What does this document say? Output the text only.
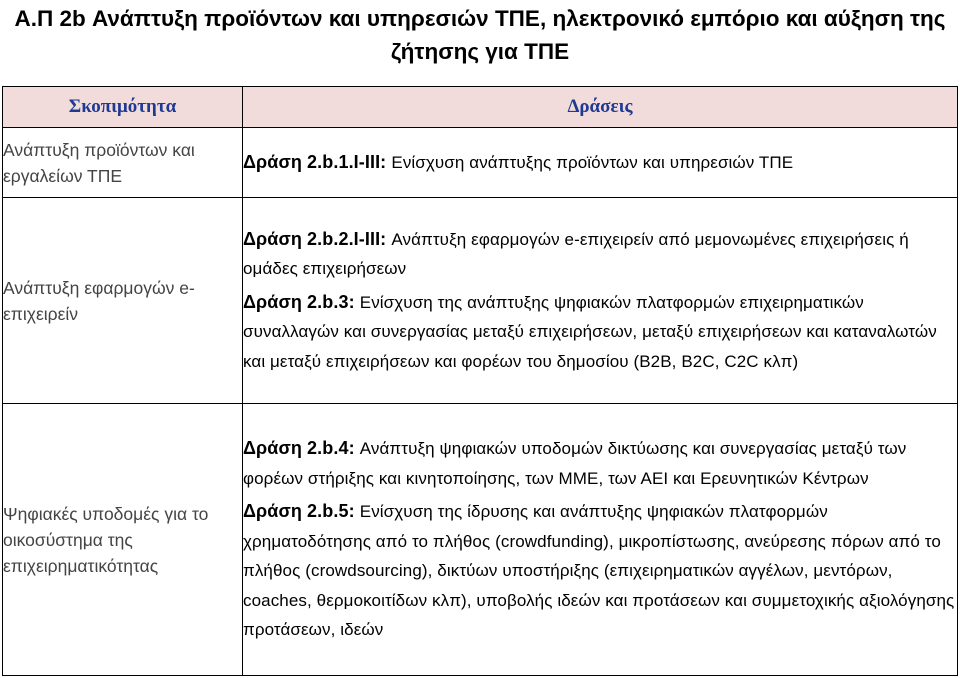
Α.Π 2b Ανάπτυξη προϊόντων και υπηρεσιών ΤΠΕ, ηλεκτρονικό εμπόριο και αύξηση της ζήτησης για ΤΠΕ
Σκοπιμότητα	Δράσεις
Ανάπτυξη προϊόντων και εργαλείων ΤΠΕ	Δράση 2.b.1.I-III: Ενίσχυση ανάπτυξης προϊόντων και υπηρεσιών ΤΠΕ

Ανάπτυξη εφαρμογών e-επιχειρείν	Δράση 2.b.2.I-III: Ανάπτυξη εφαρμογών e-επιχειρείν από μεμονωμένες επιχειρήσεις ή ομάδες επιχειρήσεων
Δράση 2.b.3: Ενίσχυση της ανάπτυξης ψηφιακών πλατφορμών επιχειρηματικών συναλλαγών και συνεργασίας μεταξύ επιχειρήσεων, μεταξύ επιχειρήσεων και καταναλωτών και μεταξύ επιχειρήσεων και φορέων του δημοσίου (B2B, B2C, C2C κλπ)

Ψηφιακές υποδομές για το οικοσύστημα της επιχειρηματικότητας	Δράση 2.b.4: Ανάπτυξη ψηφιακών υποδομών δικτύωσης και συνεργασίας μεταξύ των φορέων στήριξης και κινητοποίησης, των ΜΜΕ, των ΑΕΙ και Ερευνητικών Κέντρων
Δράση 2.b.5: Ενίσχυση της ίδρυσης και ανάπτυξης ψηφιακών πλατφορμών χρηματοδότησης από το πλήθος (crowdfunding), μικροπίστωσης, ανεύρεσης πόρων από το πλήθος (crowdsourcing), δικτύων υποστήριξης (επιχειρηματικών αγγέλων, μεντόρων, coaches, θερμοκοιτίδων κλπ), υποβολής ιδεών και προτάσεων και συμμετοχικής αξιολόγησης προτάσεων, ιδεών
